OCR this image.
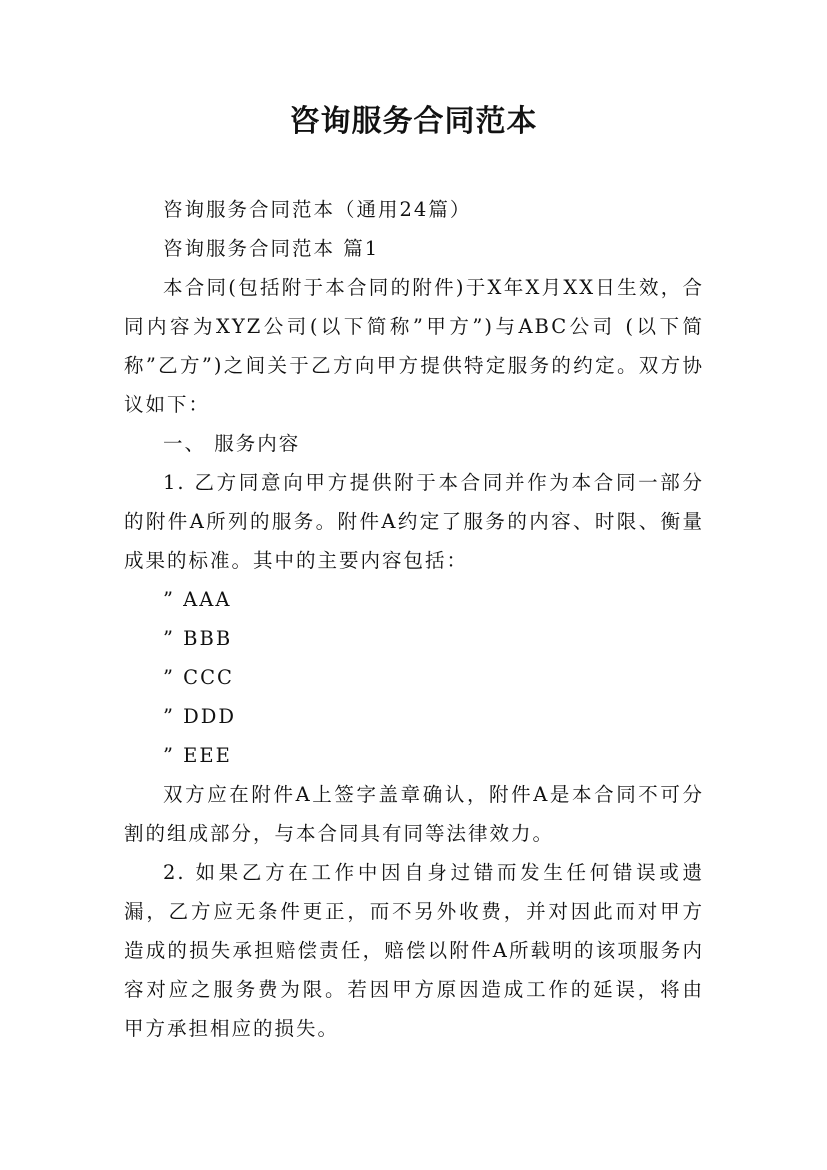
咨询服务合同范本

咨询服务合同范本（通用24篇）

咨询服务合同范本 篇1

本合同(包括附于本合同的附件)于X年X月XX日生效，合同内容为XYZ公司(以下简称”甲方”)与ABC公司 (以下简称”乙方”)之间关于乙方向甲方提供特定服务的约定。双方协议如下：

一、 服务内容

1. 乙方同意向甲方提供附于本合同并作为本合同一部分的附件A所列的服务。附件A约定了服务的内容、时限、衡量成果的标准。其中的主要内容包括：

” AAA

” BBB

” CCC

” DDD

” EEE

双方应在附件A上签字盖章确认，附件A是本合同不可分割的组成部分，与本合同具有同等法律效力。

2. 如果乙方在工作中因自身过错而发生任何错误或遗漏，乙方应无条件更正，而不另外收费，并对因此而对甲方造成的损失承担赔偿责任，赔偿以附件A所载明的该项服务内容对应之服务费为限。若因甲方原因造成工作的延误，将由甲方承担相应的损失。
